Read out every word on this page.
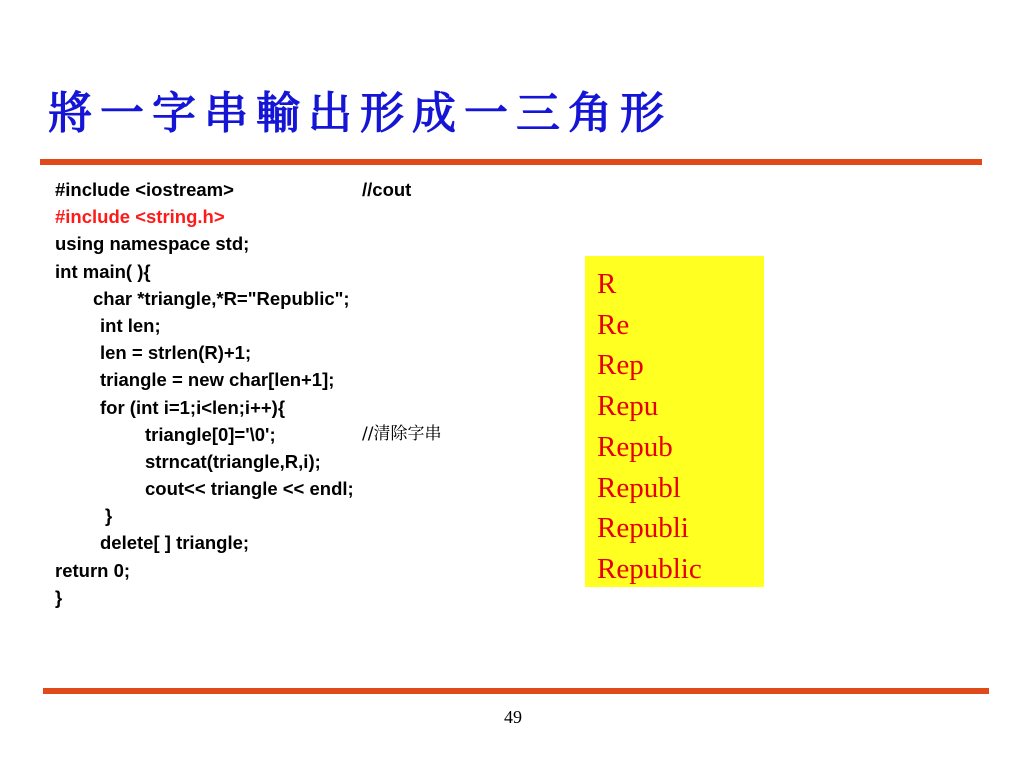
將一字串輸出形成一三角形
#include <iostream>	//cout
#include <string.h>
using namespace std;
int main( ){
char *triangle,*R="Republic";
int len;
len = strlen(R)+1;
triangle = new char[len+1];
for (int i=1;i<len;i++){
triangle[0]='\0';	//清除字串
strncat(triangle,R,i);
cout<< triangle << endl;
}
delete[ ] triangle;
return 0;
}
R
Re
Rep
Repu
Repub
Republ
Republi
Republic
49
